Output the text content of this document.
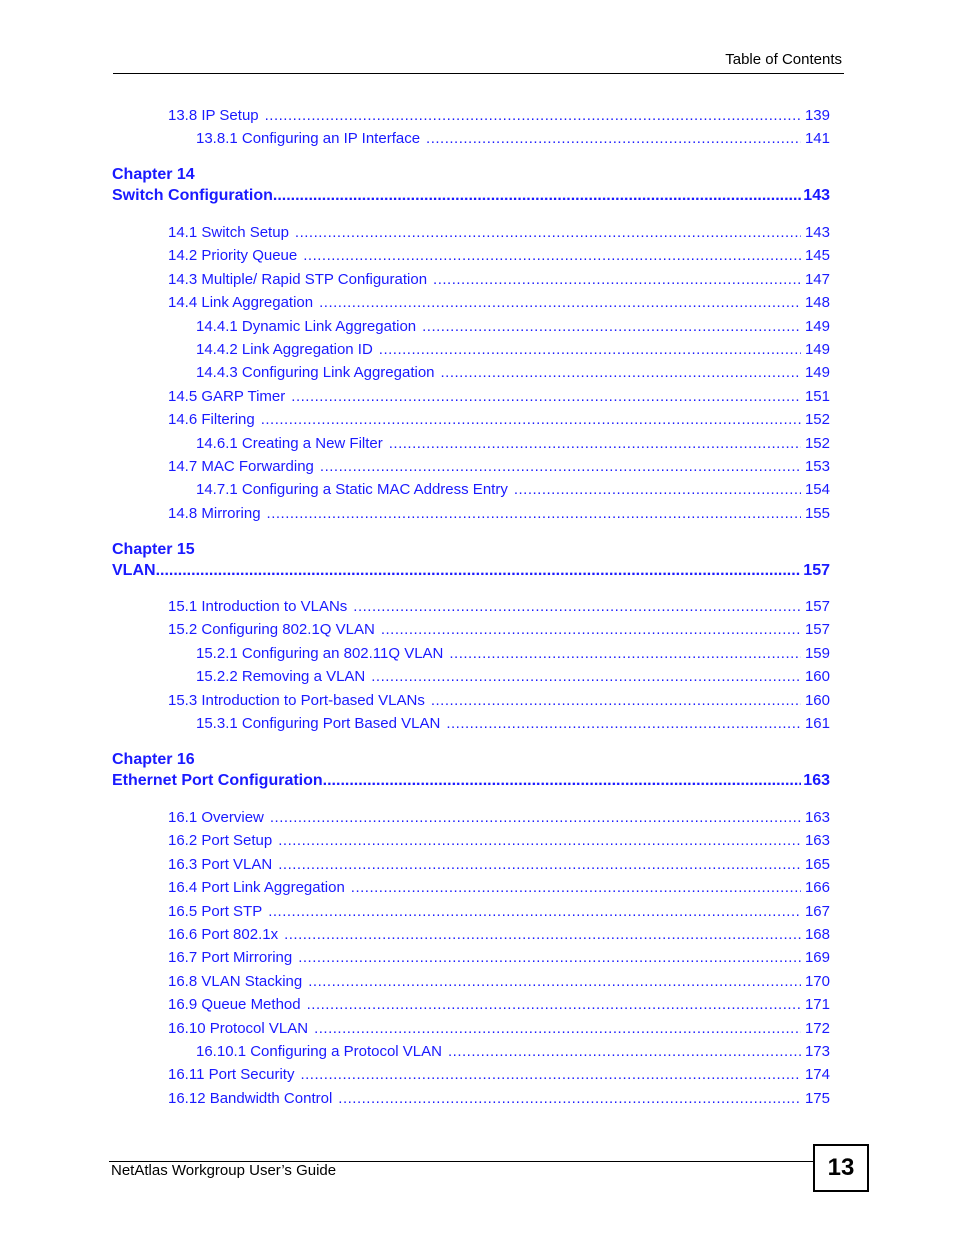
Table of Contents
13.8 IP Setup .....	139
13.8.1 Configuring an IP Interface .....	141
Chapter 14
Switch Configuration .....	143
14.1 Switch Setup .....	143
14.2 Priority Queue .....	145
14.3 Multiple/ Rapid STP Configuration .....	147
14.4 Link Aggregation .....	148
14.4.1 Dynamic Link Aggregation .....	149
14.4.2 Link Aggregation ID .....	149
14.4.3 Configuring Link Aggregation .....	149
14.5 GARP Timer .....	151
14.6 Filtering .....	152
14.6.1 Creating a New Filter .....	152
14.7 MAC Forwarding .....	153
14.7.1 Configuring a Static MAC Address Entry .....	154
14.8 Mirroring .....	155
Chapter 15
VLAN .....	157
15.1 Introduction to VLANs .....	157
15.2 Configuring 802.1Q VLAN .....	157
15.2.1 Configuring an 802.11Q VLAN .....	159
15.2.2 Removing a VLAN .....	160
15.3 Introduction to Port-based VLANs .....	160
15.3.1 Configuring Port Based VLAN .....	161
Chapter 16
Ethernet Port Configuration .....	163
16.1 Overview .....	163
16.2 Port Setup .....	163
16.3 Port VLAN .....	165
16.4 Port Link Aggregation .....	166
16.5 Port STP .....	167
16.6 Port 802.1x .....	168
16.7 Port Mirroring .....	169
16.8 VLAN Stacking .....	170
16.9 Queue Method .....	171
16.10 Protocol VLAN .....	172
16.10.1 Configuring a Protocol VLAN .....	173
16.11 Port Security .....	174
16.12 Bandwidth Control .....	175
NetAtlas Workgroup User’s Guide	13
